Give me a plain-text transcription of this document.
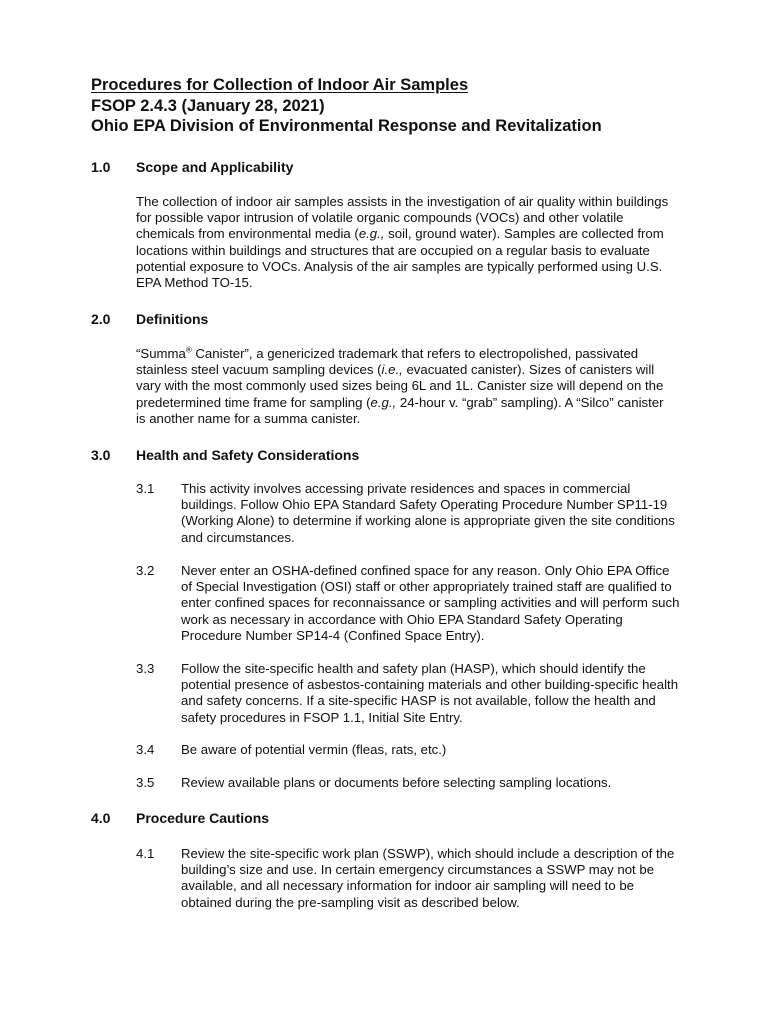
Procedures for Collection of Indoor Air Samples
FSOP 2.4.3 (January 28, 2021)
Ohio EPA Division of Environmental Response and Revitalization
1.0 Scope and Applicability
The collection of indoor air samples assists in the investigation of air quality within buildings for possible vapor intrusion of volatile organic compounds (VOCs) and other volatile chemicals from environmental media (e.g., soil, ground water). Samples are collected from locations within buildings and structures that are occupied on a regular basis to evaluate potential exposure to VOCs. Analysis of the air samples are typically performed using U.S. EPA Method TO-15.
2.0 Definitions
“Summa® Canister”, a genericized trademark that refers to electropolished, passivated stainless steel vacuum sampling devices (i.e., evacuated canister). Sizes of canisters will vary with the most commonly used sizes being 6L and 1L. Canister size will depend on the predetermined time frame for sampling (e.g., 24-hour v. “grab” sampling). A “Silco” canister is another name for a summa canister.
3.0 Health and Safety Considerations
3.1	This activity involves accessing private residences and spaces in commercial buildings. Follow Ohio EPA Standard Safety Operating Procedure Number SP11-19 (Working Alone) to determine if working alone is appropriate given the site conditions and circumstances.
3.2	Never enter an OSHA-defined confined space for any reason. Only Ohio EPA Office of Special Investigation (OSI) staff or other appropriately trained staff are qualified to enter confined spaces for reconnaissance or sampling activities and will perform such work as necessary in accordance with Ohio EPA Standard Safety Operating Procedure Number SP14-4 (Confined Space Entry).
3.3	Follow the site-specific health and safety plan (HASP), which should identify the potential presence of asbestos-containing materials and other building-specific health and safety concerns. If a site-specific HASP is not available, follow the health and safety procedures in FSOP 1.1, Initial Site Entry.
3.4	Be aware of potential vermin (fleas, rats, etc.)
3.5	Review available plans or documents before selecting sampling locations.
4.0 Procedure Cautions
4.1	Review the site-specific work plan (SSWP), which should include a description of the building’s size and use. In certain emergency circumstances a SSWP may not be available, and all necessary information for indoor air sampling will need to be obtained during the pre-sampling visit as described below.
